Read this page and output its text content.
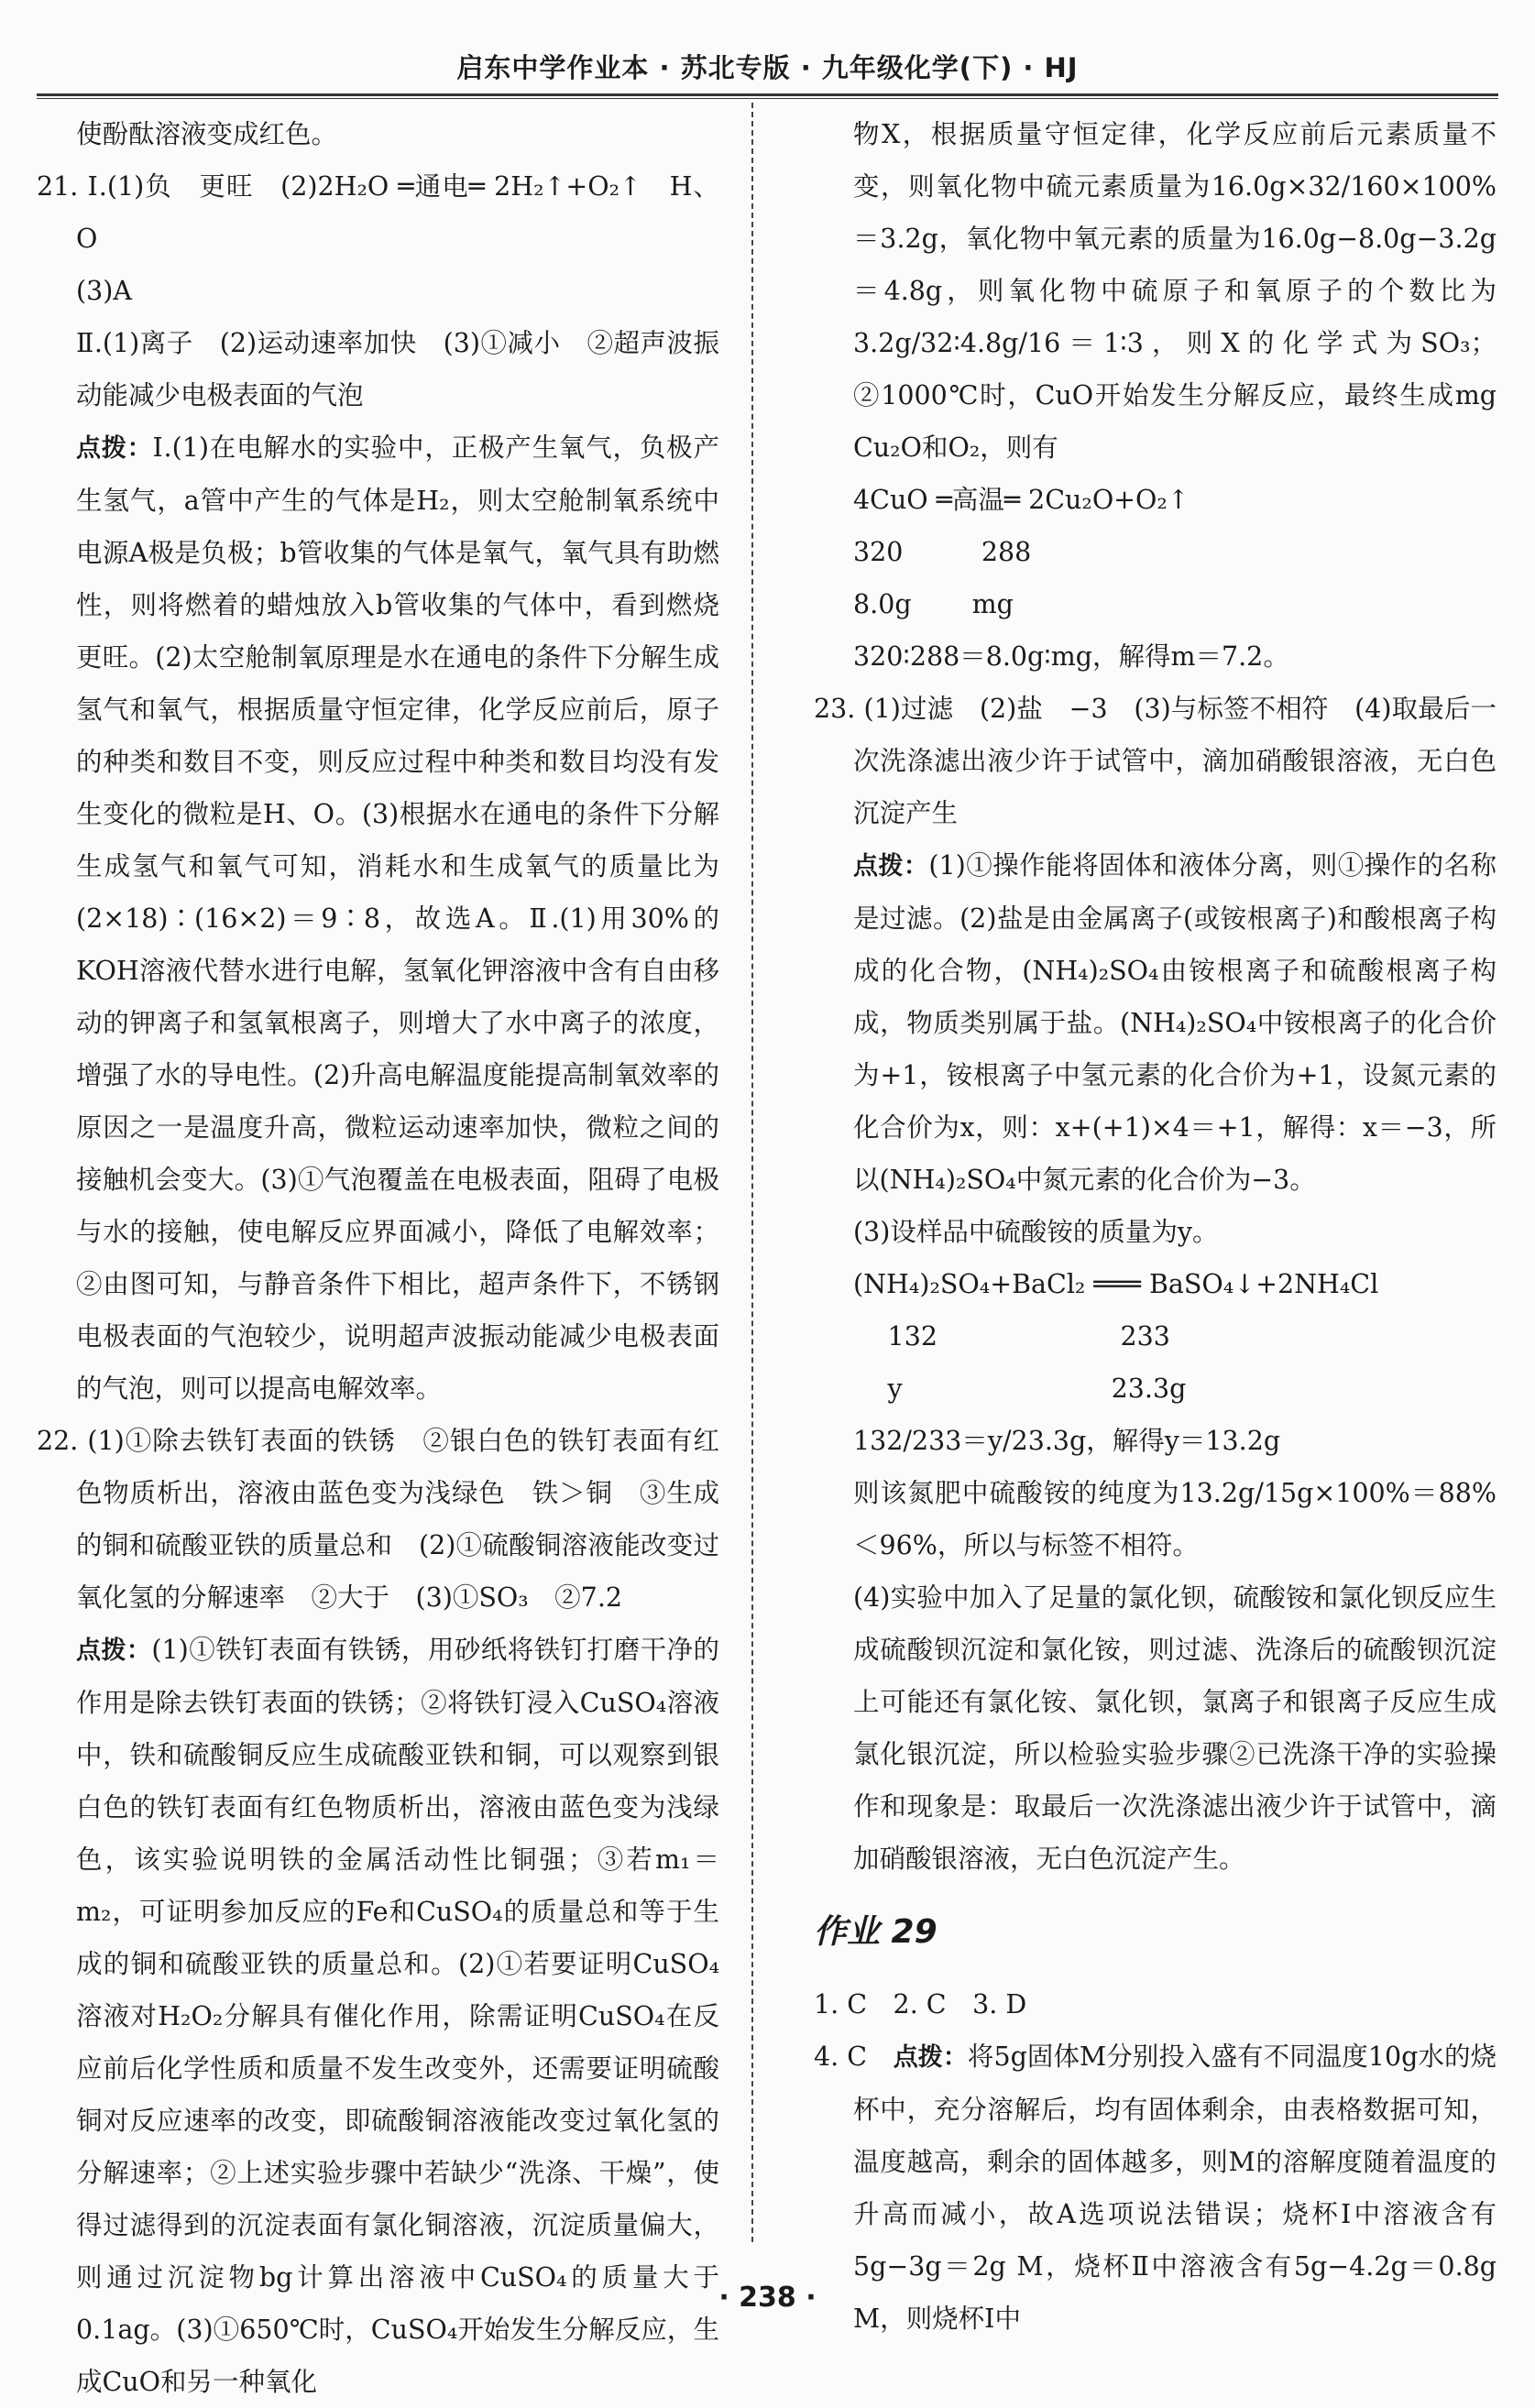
启东中学作业本 · 苏北专版 · 九年级化学(下) · HJ

使酚酞溶液变成红色。

21. Ⅰ.(1)负　更旺　(2)2H₂O ═通电═ 2H₂↑+O₂↑　H、O

(3)A

Ⅱ.(1)离子　(2)运动速率加快　(3)①减小　②超声波振动能减少电极表面的气泡

点拨：Ⅰ.(1)在电解水的实验中，正极产生氧气，负极产生氢气，a管中产生的气体是H₂，则太空舱制氧系统中电源A极是负极；b管收集的气体是氧气，氧气具有助燃性，则将燃着的蜡烛放入b管收集的气体中，看到燃烧更旺。(2)太空舱制氧原理是水在通电的条件下分解生成氢气和氧气，根据质量守恒定律，化学反应前后，原子的种类和数目不变，则反应过程中种类和数目均没有发生变化的微粒是H、O。(3)根据水在通电的条件下分解生成氢气和氧气可知，消耗水和生成氧气的质量比为(2×18)∶(16×2)＝9∶8，故选A。Ⅱ.(1)用30%的KOH溶液代替水进行电解，氢氧化钾溶液中含有自由移动的钾离子和氢氧根离子，则增大了水中离子的浓度，增强了水的导电性。(2)升高电解温度能提高制氧效率的原因之一是温度升高，微粒运动速率加快，微粒之间的接触机会变大。(3)①气泡覆盖在电极表面，阻碍了电极与水的接触，使电解反应界面减小，降低了电解效率；②由图可知，与静音条件下相比，超声条件下，不锈钢电极表面的气泡较少，说明超声波振动能减少电极表面的气泡，则可以提高电解效率。

22. (1)①除去铁钉表面的铁锈　②银白色的铁钉表面有红色物质析出，溶液由蓝色变为浅绿色　铁＞铜　③生成的铜和硫酸亚铁的质量总和　(2)①硫酸铜溶液能改变过氧化氢的分解速率　②大于　(3)①SO₃　②7.2

点拨：(1)①铁钉表面有铁锈，用砂纸将铁钉打磨干净的作用是除去铁钉表面的铁锈；②将铁钉浸入CuSO₄溶液中，铁和硫酸铜反应生成硫酸亚铁和铜，可以观察到银白色的铁钉表面有红色物质析出，溶液由蓝色变为浅绿色，该实验说明铁的金属活动性比铜强；③若m₁＝m₂，可证明参加反应的Fe和CuSO₄的质量总和等于生成的铜和硫酸亚铁的质量总和。(2)①若要证明CuSO₄溶液对H₂O₂分解具有催化作用，除需证明CuSO₄在反应前后化学性质和质量不发生改变外，还需要证明硫酸铜对反应速率的改变，即硫酸铜溶液能改变过氧化氢的分解速率；②上述实验步骤中若缺少“洗涤、干燥”，使得过滤得到的沉淀表面有氯化铜溶液，沉淀质量偏大，则通过沉淀物bg计算出溶液中CuSO₄的质量大于0.1ag。(3)①650℃时，CuSO₄开始发生分解反应，生成CuO和另一种氧化

物X，根据质量守恒定律，化学反应前后元素质量不变，则氧化物中硫元素质量为16.0g×32/160×100%＝3.2g，氧化物中氧元素的质量为16.0g−8.0g−3.2g＝4.8g，则氧化物中硫原子和氧原子的个数比为3.2g/32∶4.8g/16＝1∶3，则X的化学式为SO₃；②1000℃时，CuO开始发生分解反应，最终生成mg Cu₂O和O₂，则有

4CuO ═高温═ 2Cu₂O+O₂↑

320　　　288

8.0g　　 mg

320∶288＝8.0g∶mg，解得m＝7.2。

23. (1)过滤　(2)盐　−3　(3)与标签不相符　(4)取最后一次洗涤滤出液少许于试管中，滴加硝酸银溶液，无白色沉淀产生

点拨：(1)①操作能将固体和液体分离，则①操作的名称是过滤。(2)盐是由金属离子(或铵根离子)和酸根离子构成的化合物，(NH₄)₂SO₄由铵根离子和硫酸根离子构成，物质类别属于盐。(NH₄)₂SO₄中铵根离子的化合价为+1，铵根离子中氢元素的化合价为+1，设氮元素的化合价为x，则：x+(+1)×4＝+1，解得：x＝−3，所以(NH₄)₂SO₄中氮元素的化合价为−3。

(3)设样品中硫酸铵的质量为y。

(NH₄)₂SO₄+BaCl₂ ═══ BaSO₄↓+2NH₄Cl

　 132　　　　　　　233

　 y　　　　　　　　23.3g

132/233＝y/23.3g，解得y＝13.2g

则该氮肥中硫酸铵的纯度为13.2g/15g×100%＝88%＜96%，所以与标签不相符。

(4)实验中加入了足量的氯化钡，硫酸铵和氯化钡反应生成硫酸钡沉淀和氯化铵，则过滤、洗涤后的硫酸钡沉淀上可能还有氯化铵、氯化钡，氯离子和银离子反应生成氯化银沉淀，所以检验实验步骤②已洗涤干净的实验操作和现象是：取最后一次洗涤滤出液少许于试管中，滴加硝酸银溶液，无白色沉淀产生。

作业 29

1. C　2. C　3. D

4. C　点拨：将5g固体M分别投入盛有不同温度10g水的烧杯中，充分溶解后，均有固体剩余，由表格数据可知，温度越高，剩余的固体越多，则M的溶解度随着温度的升高而减小，故A选项说法错误；烧杯Ⅰ中溶液含有5g−3g＝2g M，烧杯Ⅱ中溶液含有5g−4.2g＝0.8g M，则烧杯Ⅰ中

· 238 ·
